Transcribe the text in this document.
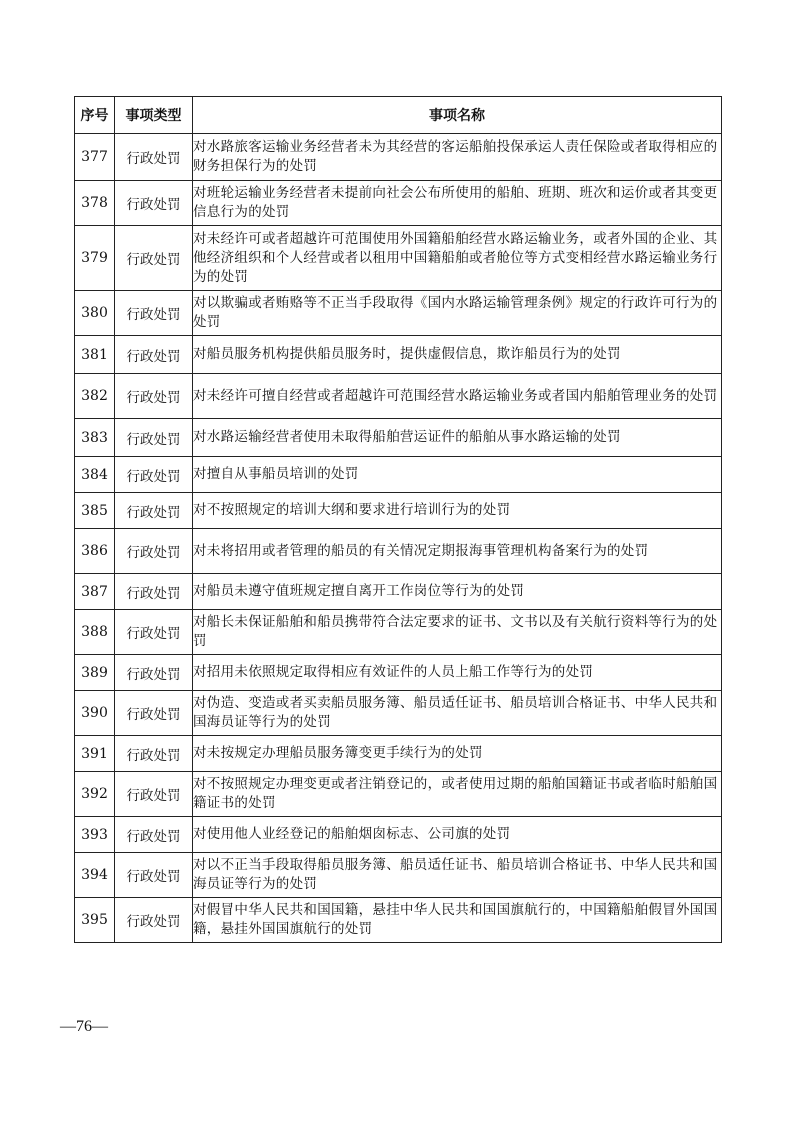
序号	事项类型	事项名称
377	行政处罚	对水路旅客运输业务经营者未为其经营的客运船舶投保承运人责任保险或者取得相应的财务担保行为的处罚
378	行政处罚	对班轮运输业务经营者未提前向社会公布所使用的船舶、班期、班次和运价或者其变更信息行为的处罚
379	行政处罚	对未经许可或者超越许可范围使用外国籍船舶经营水路运输业务，或者外国的企业、其他经济组织和个人经营或者以租用中国籍船舶或者舱位等方式变相经营水路运输业务行为的处罚
380	行政处罚	对以欺骗或者贿赂等不正当手段取得《国内水路运输管理条例》规定的行政许可行为的处罚
381	行政处罚	对船员服务机构提供船员服务时，提供虚假信息，欺诈船员行为的处罚
382	行政处罚	对未经许可擅自经营或者超越许可范围经营水路运输业务或者国内船舶管理业务的处罚
383	行政处罚	对水路运输经营者使用未取得船舶营运证件的船舶从事水路运输的处罚
384	行政处罚	对擅自从事船员培训的处罚
385	行政处罚	对不按照规定的培训大纲和要求进行培训行为的处罚
386	行政处罚	对未将招用或者管理的船员的有关情况定期报海事管理机构备案行为的处罚
387	行政处罚	对船员未遵守值班规定擅自离开工作岗位等行为的处罚
388	行政处罚	对船长未保证船舶和船员携带符合法定要求的证书、文书以及有关航行资料等行为的处罚
389	行政处罚	对招用未依照规定取得相应有效证件的人员上船工作等行为的处罚
390	行政处罚	对伪造、变造或者买卖船员服务簿、船员适任证书、船员培训合格证书、中华人民共和国海员证等行为的处罚
391	行政处罚	对未按规定办理船员服务簿变更手续行为的处罚
392	行政处罚	对不按照规定办理变更或者注销登记的，或者使用过期的船舶国籍证书或者临时船舶国籍证书的处罚
393	行政处罚	对使用他人业经登记的船舶烟囱标志、公司旗的处罚
394	行政处罚	对以不正当手段取得船员服务簿、船员适任证书、船员培训合格证书、中华人民共和国海员证等行为的处罚
395	行政处罚	对假冒中华人民共和国国籍，悬挂中华人民共和国国旗航行的，中国籍船舶假冒外国国籍，悬挂外国国旗航行的处罚
—76—
